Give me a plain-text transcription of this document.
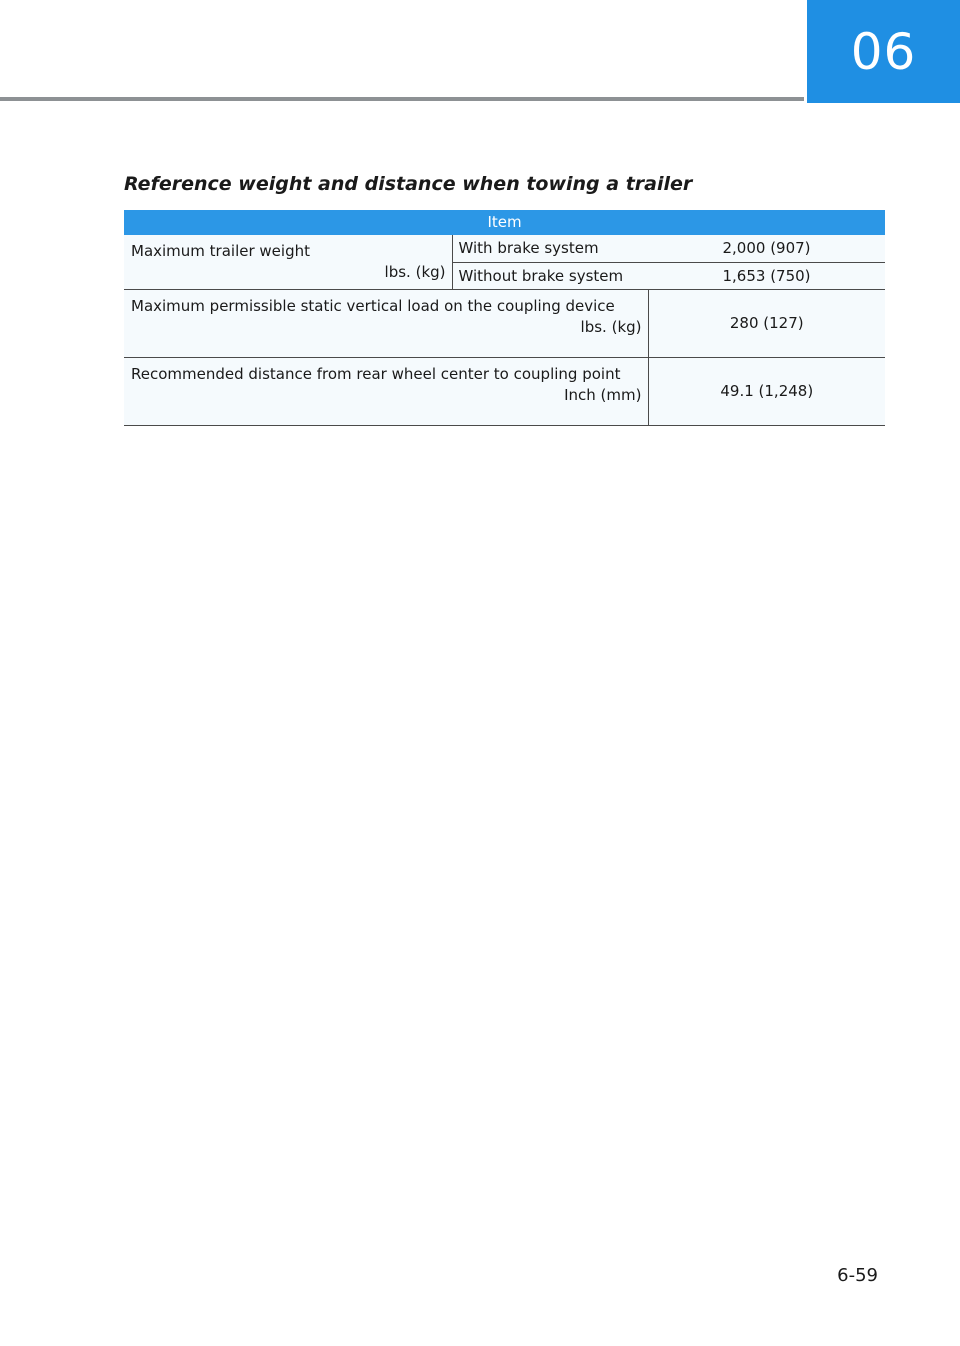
06
Reference weight and distance when towing a trailer
Item		

Maximum trailer weight
lbs. (kg)	With brake system	2,000 (907)
	Without brake system	1,653 (750)

Maximum permissible static vertical load on the coupling device
lbs. (kg)		280 (127)

Recommended distance from rear wheel center to coupling point
Inch (mm)		49.1 (1,248)
6-59
